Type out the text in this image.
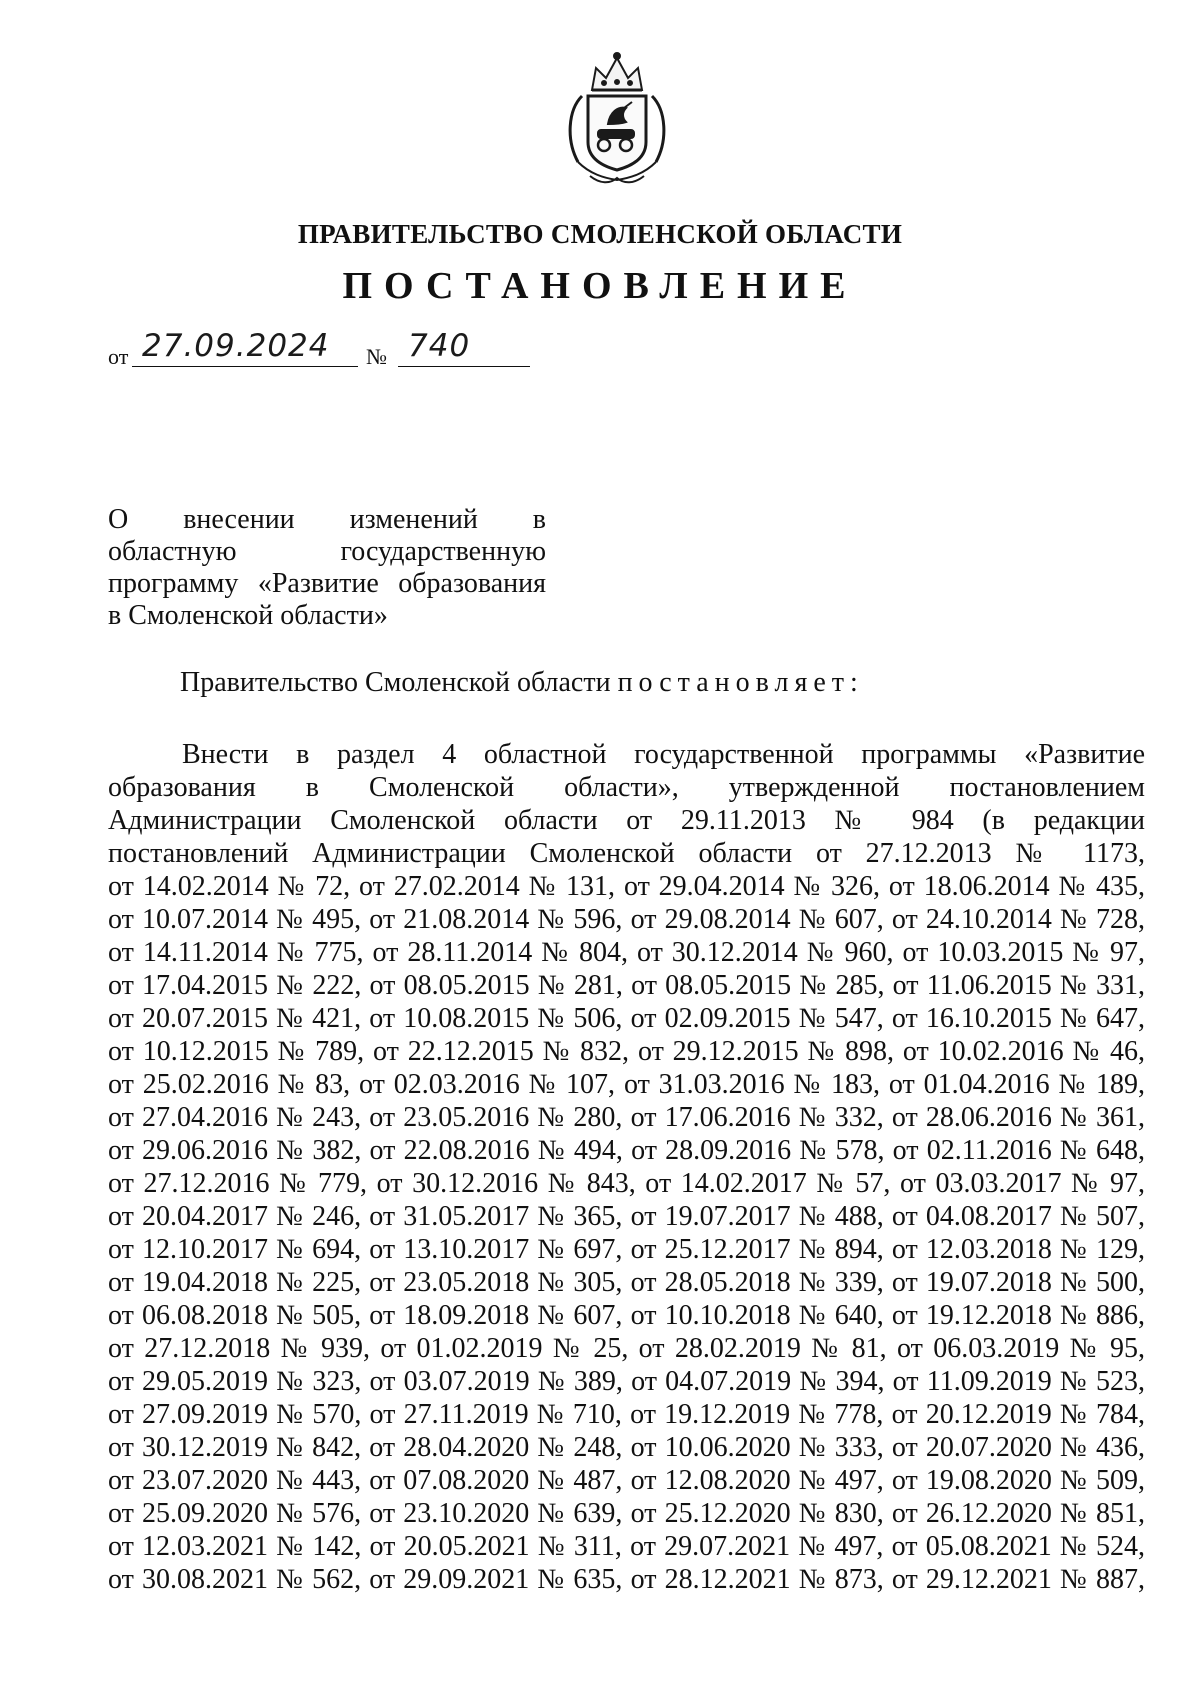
ПРАВИТЕЛЬСТВО СМОЛЕНСКОЙ ОБЛАСТИ
ПОСТАНОВЛЕНИЕ
от 27.09.2024 № 740
О внесении изменений в
областную государственную
программу «Развитие образования
в Смоленской области»
Правительство Смоленской области постановляет:
Внести в раздел 4 областной государственной программы «Развитие
образования в Смоленской области», утвержденной постановлением
Администрации Смоленской области от 29.11.2013 № 984 (в редакции
постановлений Администрации Смоленской области от 27.12.2013 № 1173,
от 14.02.2014 № 72, от 27.02.2014 № 131, от 29.04.2014 № 326, от 18.06.2014 № 435,
от 10.07.2014 № 495, от 21.08.2014 № 596, от 29.08.2014 № 607, от 24.10.2014 № 728,
от 14.11.2014 № 775, от 28.11.2014 № 804, от 30.12.2014 № 960, от 10.03.2015 № 97,
от 17.04.2015 № 222, от 08.05.2015 № 281, от 08.05.2015 № 285, от 11.06.2015 № 331,
от 20.07.2015 № 421, от 10.08.2015 № 506, от 02.09.2015 № 547, от 16.10.2015 № 647,
от 10.12.2015 № 789, от 22.12.2015 № 832, от 29.12.2015 № 898, от 10.02.2016 № 46,
от 25.02.2016 № 83, от 02.03.2016 № 107, от 31.03.2016 № 183, от 01.04.2016 № 189,
от 27.04.2016 № 243, от 23.05.2016 № 280, от 17.06.2016 № 332, от 28.06.2016 № 361,
от 29.06.2016 № 382, от 22.08.2016 № 494, от 28.09.2016 № 578, от 02.11.2016 № 648,
от 27.12.2016 № 779, от 30.12.2016 № 843, от 14.02.2017 № 57, от 03.03.2017 № 97,
от 20.04.2017 № 246, от 31.05.2017 № 365, от 19.07.2017 № 488, от 04.08.2017 № 507,
от 12.10.2017 № 694, от 13.10.2017 № 697, от 25.12.2017 № 894, от 12.03.2018 № 129,
от 19.04.2018 № 225, от 23.05.2018 № 305, от 28.05.2018 № 339, от 19.07.2018 № 500,
от 06.08.2018 № 505, от 18.09.2018 № 607, от 10.10.2018 № 640, от 19.12.2018 № 886,
от 27.12.2018 № 939, от 01.02.2019 № 25, от 28.02.2019 № 81, от 06.03.2019 № 95,
от 29.05.2019 № 323, от 03.07.2019 № 389, от 04.07.2019 № 394, от 11.09.2019 № 523,
от 27.09.2019 № 570, от 27.11.2019 № 710, от 19.12.2019 № 778, от 20.12.2019 № 784,
от 30.12.2019 № 842, от 28.04.2020 № 248, от 10.06.2020 № 333, от 20.07.2020 № 436,
от 23.07.2020 № 443, от 07.08.2020 № 487, от 12.08.2020 № 497, от 19.08.2020 № 509,
от 25.09.2020 № 576, от 23.10.2020 № 639, от 25.12.2020 № 830, от 26.12.2020 № 851,
от 12.03.2021 № 142, от 20.05.2021 № 311, от 29.07.2021 № 497, от 05.08.2021 № 524,
от 30.08.2021 № 562, от 29.09.2021 № 635, от 28.12.2021 № 873, от 29.12.2021 № 887,
